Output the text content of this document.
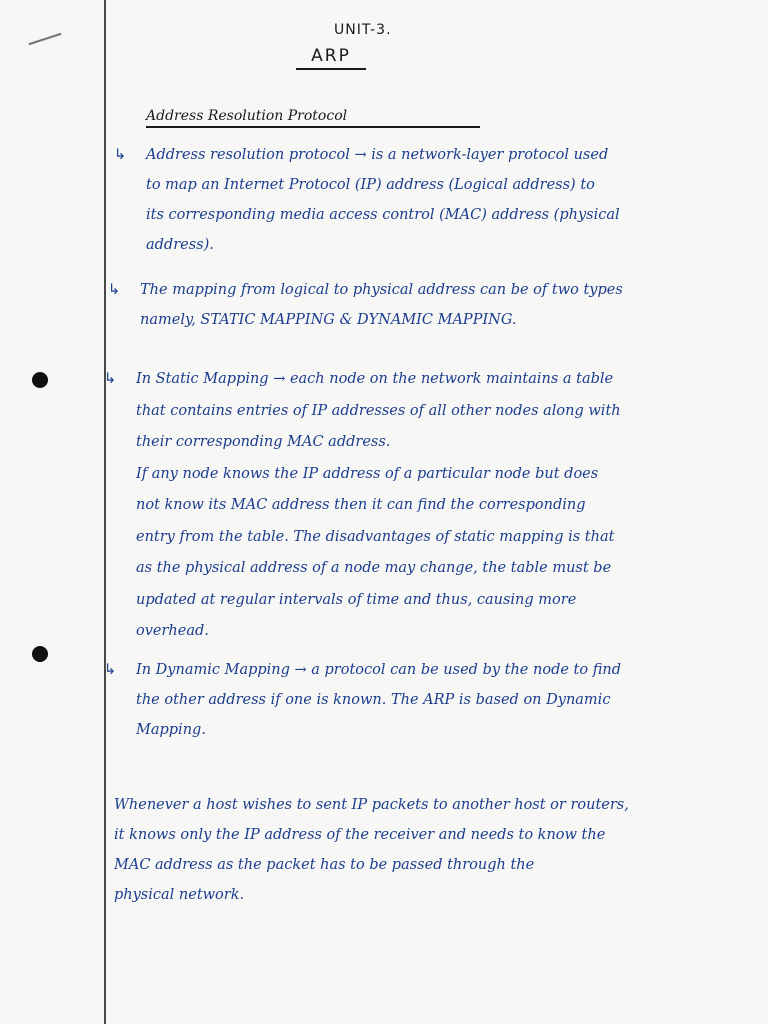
UNIT-3.
ARP
Address Resolution Protocol
↳ Address resolution protocol → is a network-layer protocol used
to map an Internet Protocol (IP) address (Logical address) to
its corresponding media access control (MAC) address (physical
address).
↳ The mapping from logical to physical address can be of two types
namely, STATIC MAPPING & DYNAMIC MAPPING.
↳ In Static Mapping → each node on the network maintains a table
that contains entries of IP addresses of all other nodes along with
their corresponding MAC address.
If any node knows the IP address of a particular node but does
not know its MAC address then it can find the corresponding
entry from the table. The disadvantages of static mapping is that
as the physical address of a node may change, the table must be
updated at regular intervals of time and thus, causing more
overhead.
↳ In Dynamic Mapping → a protocol can be used by the node to find
the other address if one is known. The ARP is based on Dynamic
Mapping.
Whenever a host wishes to sent IP packets to another host or routers,
it knows only the IP address of the receiver and needs to know the
MAC address as the packet has to be passed through the
physical network.
